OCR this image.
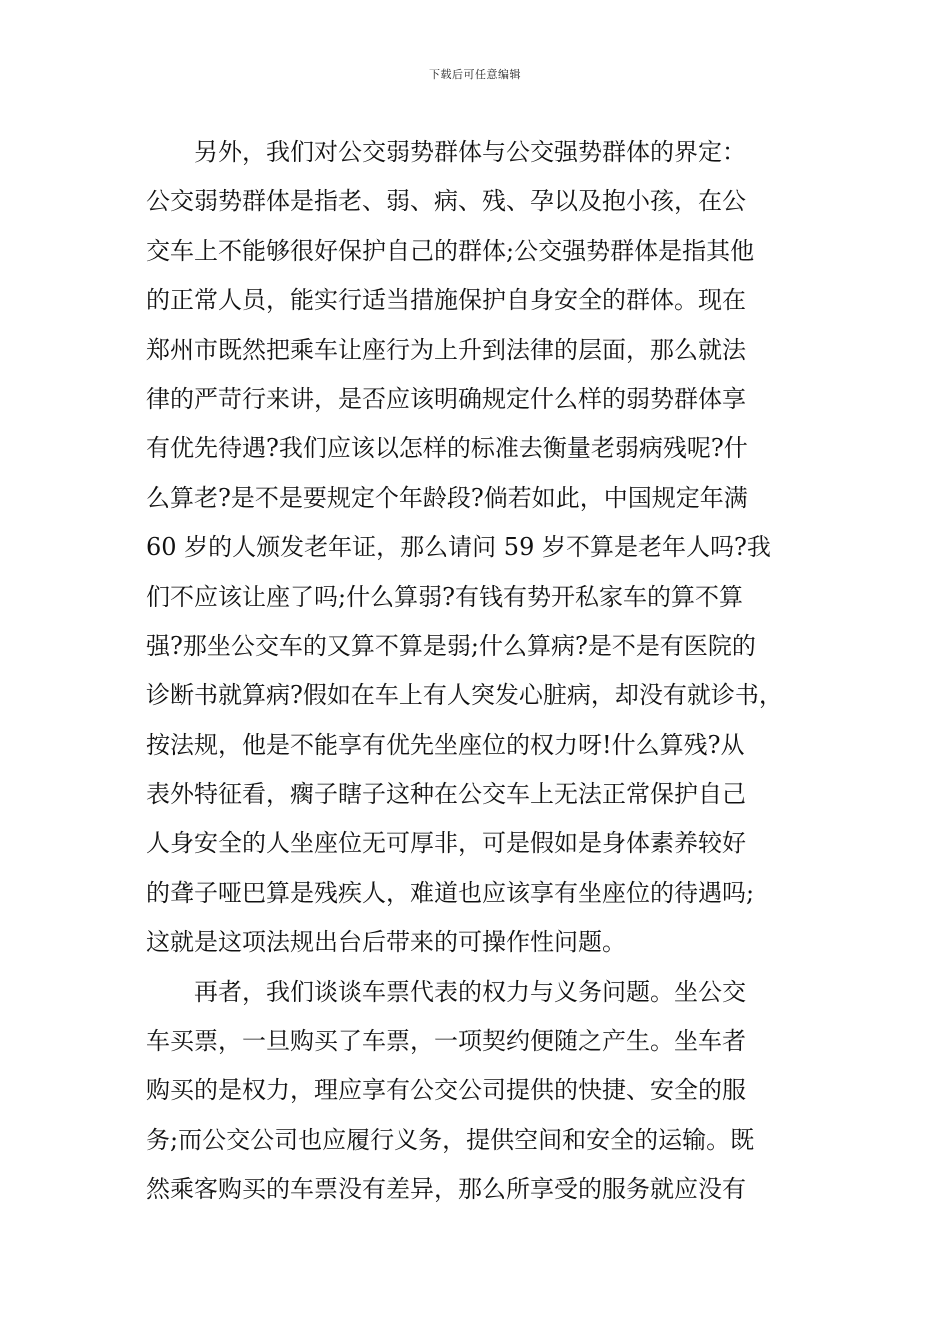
下载后可任意编辑
另外，我们对公交弱势群体与公交强势群体的界定：
公交弱势群体是指老、弱、病、残、孕以及抱小孩，在公
交车上不能够很好保护自己的群体;公交强势群体是指其他
的正常人员，能实行适当措施保护自身安全的群体。现在
郑州市既然把乘车让座行为上升到法律的层面，那么就法
律的严苛行来讲，是否应该明确规定什么样的弱势群体享
有优先待遇?我们应该以怎样的标准去衡量老弱病残呢?什
么算老?是不是要规定个年龄段?倘若如此，中国规定年满
60 岁的人颁发老年证，那么请问 59 岁不算是老年人吗?我
们不应该让座了吗;什么算弱?有钱有势开私家车的算不算
强?那坐公交车的又算不算是弱;什么算病?是不是有医院的
诊断书就算病?假如在车上有人突发心脏病，却没有就诊书，
按法规，他是不能享有优先坐座位的权力呀!什么算残?从
表外特征看，瘸子瞎子这种在公交车上无法正常保护自己
人身安全的人坐座位无可厚非，可是假如是身体素养较好
的聋子哑巴算是残疾人，难道也应该享有坐座位的待遇吗;
这就是这项法规出台后带来的可操作性问题。
再者，我们谈谈车票代表的权力与义务问题。坐公交
车买票，一旦购买了车票，一项契约便随之产生。坐车者
购买的是权力，理应享有公交公司提供的快捷、安全的服
务;而公交公司也应履行义务，提供空间和安全的运输。既
然乘客购买的车票没有差异，那么所享受的服务就应没有
